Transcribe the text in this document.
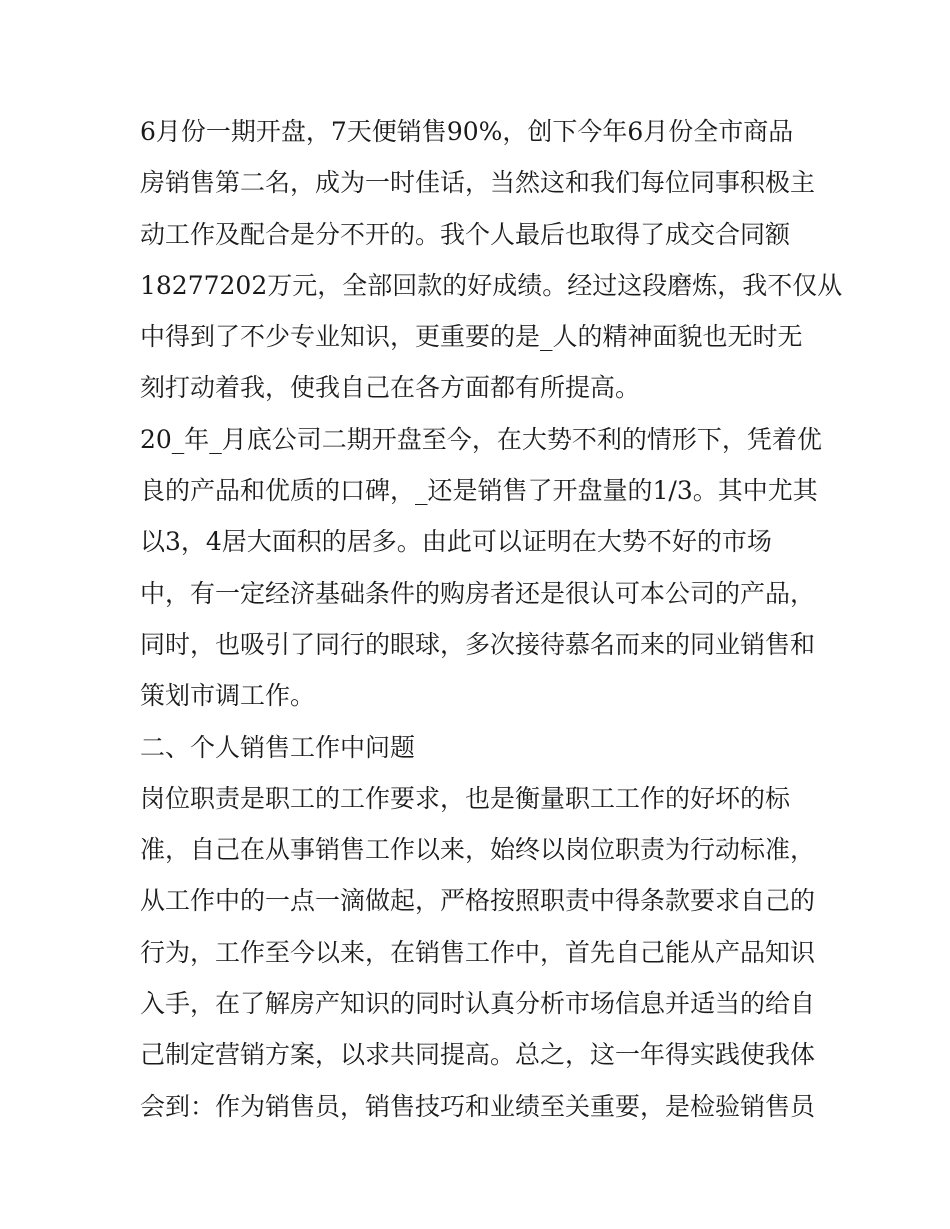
6月份一期开盘，7天便销售90%，创下今年6月份全市商品

房销售第二名，成为一时佳话，当然这和我们每位同事积极主

动工作及配合是分不开的。我个人最后也取得了成交合同额

18277202万元，全部回款的好成绩。经过这段磨炼，我不仅从

中得到了不少专业知识，更重要的是_人的精神面貌也无时无

刻打动着我，使我自己在各方面都有所提高。

20_年_月底公司二期开盘至今，在大势不利的情形下，凭着优

良的产品和优质的口碑，_还是销售了开盘量的1/3。其中尤其

以3，4居大面积的居多。由此可以证明在大势不好的市场

中，有一定经济基础条件的购房者还是很认可本公司的产品，

同时，也吸引了同行的眼球，多次接待慕名而来的同业销售和

策划市调工作。

二、个人销售工作中问题

岗位职责是职工的工作要求，也是衡量职工工作的好坏的标

准，自己在从事销售工作以来，始终以岗位职责为行动标准，

从工作中的一点一滴做起，严格按照职责中得条款要求自己的

行为，工作至今以来，在销售工作中，首先自己能从产品知识

入手，在了解房产知识的同时认真分析市场信息并适当的给自

己制定营销方案，以求共同提高。总之，这一年得实践使我体

会到：作为销售员，销售技巧和业绩至关重要，是检验销售员
